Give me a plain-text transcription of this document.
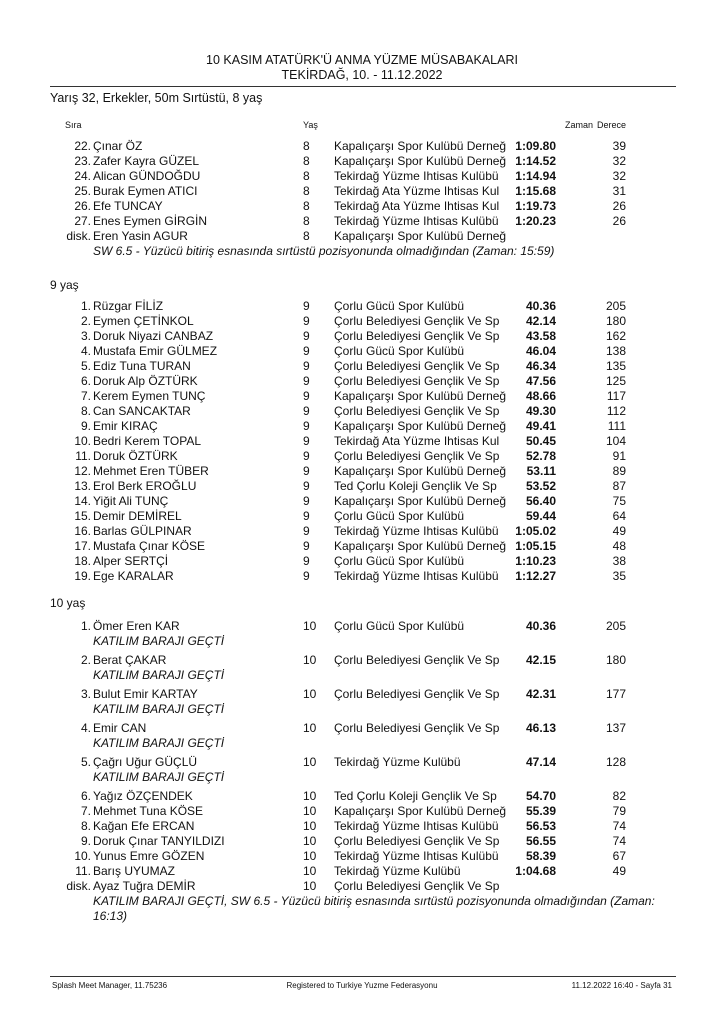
10 KASIM ATATÜRK'Ü ANMA YÜZME MÜSABAKALARI
TEKİRDAĞ, 10. - 11.12.2022
Yarış 32, Erkekler, 50m Sırtüstü, 8 yaş
Sıra	Yaş	Zaman Derece
22. Çınar ÖZ	8 Kapalıçarşı Spor Kulübü Derneğ 1:09.80	39
23. Zafer Kayra GÜZEL	8 Kapalıçarşı Spor Kulübü Derneğ 1:14.52	32
24. Alican GÜNDOĞDU	8 Tekirdağ Yüzme Ihtisas Kulübü 1:14.94	32
25. Burak Eymen ATICI	8 Tekirdağ Ata Yüzme Ihtisas Kul 1:15.68	31
26. Efe TUNCAY	8 Tekirdağ Ata Yüzme Ihtisas Kul 1:19.73	26
27. Enes Eymen GİRGİN	8 Tekirdağ Yüzme Ihtisas Kulübü 1:20.23	26
disk. Eren Yasin AGUR	8 Kapalıçarşı Spor Kulübü Derneğ
SW 6.5 - Yüzücü bitiriş esnasında sırtüstü pozisyonunda olmadığından (Zaman: 15:59)
9 yaş
1. Rüzgar FİLİZ	9 Çorlu Gücü Spor Kulübü	40.36	205
2. Eymen ÇETİNKOL	9 Çorlu Belediyesi Gençlik Ve Sp 42.14	180
3. Doruk Niyazi CANBAZ	9 Çorlu Belediyesi Gençlik Ve Sp 43.58	162
4. Mustafa Emir GÜLMEZ	9 Çorlu Gücü Spor Kulübü	46.04	138
5. Ediz Tuna TURAN	9 Çorlu Belediyesi Gençlik Ve Sp 46.34	135
6. Doruk Alp ÖZTÜRK	9 Çorlu Belediyesi Gençlik Ve Sp 47.56	125
7. Kerem Eymen TUNÇ	9 Kapalıçarşı Spor Kulübü Derneğ 48.66	117
8. Can SANCAKTAR	9 Çorlu Belediyesi Gençlik Ve Sp 49.30	112
9. Emir KIRAÇ	9 Kapalıçarşı Spor Kulübü Derneğ 49.41	111
10. Bedri Kerem TOPAL	9 Tekirdağ Ata Yüzme Ihtisas Kul 50.45	104
11. Doruk ÖZTÜRK	9 Çorlu Belediyesi Gençlik Ve Sp 52.78	91
12. Mehmet Eren TÜBER	9 Kapalıçarşı Spor Kulübü Derneğ 53.11	89
13. Erol Berk EROĞLU	9 Ted Çorlu Koleji Gençlik Ve Sp 53.52	87
14. Yiğit Ali TUNÇ	9 Kapalıçarşı Spor Kulübü Derneğ 56.40	75
15. Demir DEMİREL	9 Çorlu Gücü Spor Kulübü	59.44	64
16. Barlas GÜLPINAR	9 Tekirdağ Yüzme Ihtisas Kulübü 1:05.02	49
17. Mustafa Çınar KÖSE	9 Kapalıçarşı Spor Kulübü Derneğ 1:05.15	48
18. Alper SERTÇİ	9 Çorlu Gücü Spor Kulübü	1:10.23	38
19. Ege KARALAR	9 Tekirdağ Yüzme Ihtisas Kulübü 1:12.27	35
10 yaş
1. Ömer Eren KAR	10 Çorlu Gücü Spor Kulübü	40.36	205
KATILIM BARAJI GEÇTİ
2. Berat ÇAKAR	10 Çorlu Belediyesi Gençlik Ve Sp 42.15	180
KATILIM BARAJI GEÇTİ
3. Bulut Emir KARTAY	10 Çorlu Belediyesi Gençlik Ve Sp 42.31	177
KATILIM BARAJI GEÇTİ
4. Emir CAN	10 Çorlu Belediyesi Gençlik Ve Sp 46.13	137
KATILIM BARAJI GEÇTİ
5. Çağrı Uğur GÜÇLÜ	10 Tekirdağ Yüzme Kulübü	47.14	128
KATILIM BARAJI GEÇTİ
6. Yağız ÖZÇENDEK	10 Ted Çorlu Koleji Gençlik Ve Sp 54.70	82
7. Mehmet Tuna KÖSE	10 Kapalıçarşı Spor Kulübü Derneğ 55.39	79
8. Kağan Efe ERCAN	10 Tekirdağ Yüzme Ihtisas Kulübü 56.53	74
9. Doruk Çınar TANYILDIZI	10 Çorlu Belediyesi Gençlik Ve Sp 56.55	74
10. Yunus Emre GÖZEN	10 Tekirdağ Yüzme Ihtisas Kulübü 58.39	67
11. Barış UYUMAZ	10 Tekirdağ Yüzme Kulübü	1:04.68	49
disk. Ayaz Tuğra DEMİR	10 Çorlu Belediyesi Gençlik Ve Sp
KATILIM BARAJI GEÇTİ, SW 6.5 - Yüzücü bitiriş esnasında sırtüstü pozisyonunda olmadığından (Zaman:
16:13)
Splash Meet Manager, 11.75236	Registered to Turkiye Yuzme Federasyonu	11.12.2022 16:40 - Sayfa 31
